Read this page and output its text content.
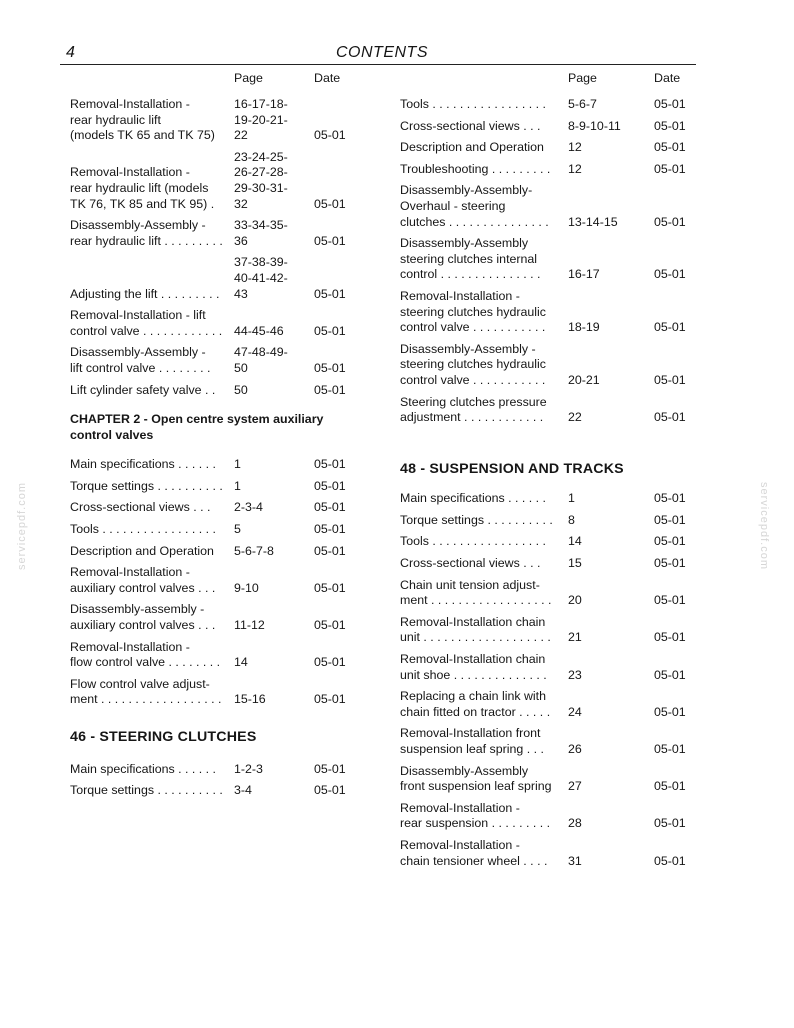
4	CONTENTS
servicepdf.com	servicepdf.com
Page	Date
Removal-Installation -
rear hydraulic lift
(models TK 65 and TK 75)
16-17-18-
19-20-21-
22	05-01
Removal-Installation -
rear hydraulic lift (models
TK 76, TK 85 and TK 95) .
23-24-25-
26-27-28-
29-30-31-
32	05-01
Disassembly-Assembly -
rear hydraulic lift . . . . . . . . .
33-34-35-
36	05-01
Adjusting the lift . . . . . . . . .
37-38-39-
40-41-42-
43	05-01
Removal-Installation - lift
control valve . . . . . . . . . . . . 44-45-46	05-01
Disassembly-Assembly -
lift control valve . . . . . . . .
47-48-49-
50	05-01
Lift cylinder safety valve . .	50	05-01
CHAPTER 2 - Open centre system auxiliary control valves
Main specifications . . . . . .	1	05-01
Torque settings . . . . . . . . . . 1	05-01
Cross-sectional views . . .	2-3-4	05-01
Tools . . . . . . . . . . . . . . . . .	5	05-01
Description and Operation	5-6-7-8	05-01
Removal-Installation -
auxiliary control valves . . .	9-10	05-01
Disassembly-assembly -
auxiliary control valves . . .	11-12	05-01
Removal-Installation -
flow control valve . . . . . . . .	14	05-01
Flow control valve adjust-
ment . . . . . . . . . . . . . . . . . .	15-16	05-01
46 - STEERING CLUTCHES
Main specifications . . . . . .	1-2-3	05-01
Torque settings . . . . . . . . . . 3-4	05-01
Page	Date
Tools . . . . . . . . . . . . . . . . .	5-6-7	05-01
Cross-sectional views . . .	8-9-10-11	05-01
Description and Operation	12	05-01
Troubleshooting . . . . . . . . .	12	05-01
Disassembly-Assembly-
Overhaul - steering
clutches . . . . . . . . . . . . . . .	13-14-15	05-01
Disassembly-Assembly
steering clutches internal
control . . . . . . . . . . . . . . .	16-17	05-01
Removal-Installation -
steering clutches hydraulic
control valve . . . . . . . . . . .	18-19	05-01
Disassembly-Assembly -
steering clutches hydraulic
control valve . . . . . . . . . . .	20-21	05-01
Steering clutches pressure
adjustment . . . . . . . . . . . .	22	05-01
48 - SUSPENSION AND TRACKS
Main specifications . . . . . .	1	05-01
Torque settings . . . . . . . . . .	8	05-01
Tools . . . . . . . . . . . . . . . . .	14	05-01
Cross-sectional views . . .	15	05-01
Chain unit tension adjust-
ment . . . . . . . . . . . . . . . . . .	20	05-01
Removal-Installation chain
unit . . . . . . . . . . . . . . . . . . .	21	05-01
Removal-Installation chain
unit shoe . . . . . . . . . . . . . .	23	05-01
Replacing a chain link with
chain fitted on tractor . . . . .	24	05-01
Removal-Installation front
suspension leaf spring . . .	26	05-01
Disassembly-Assembly
front suspension leaf spring	27	05-01
Removal-Installation -
rear suspension . . . . . . . . .	28	05-01
Removal-Installation -
chain tensioner wheel . . . .	31	05-01
